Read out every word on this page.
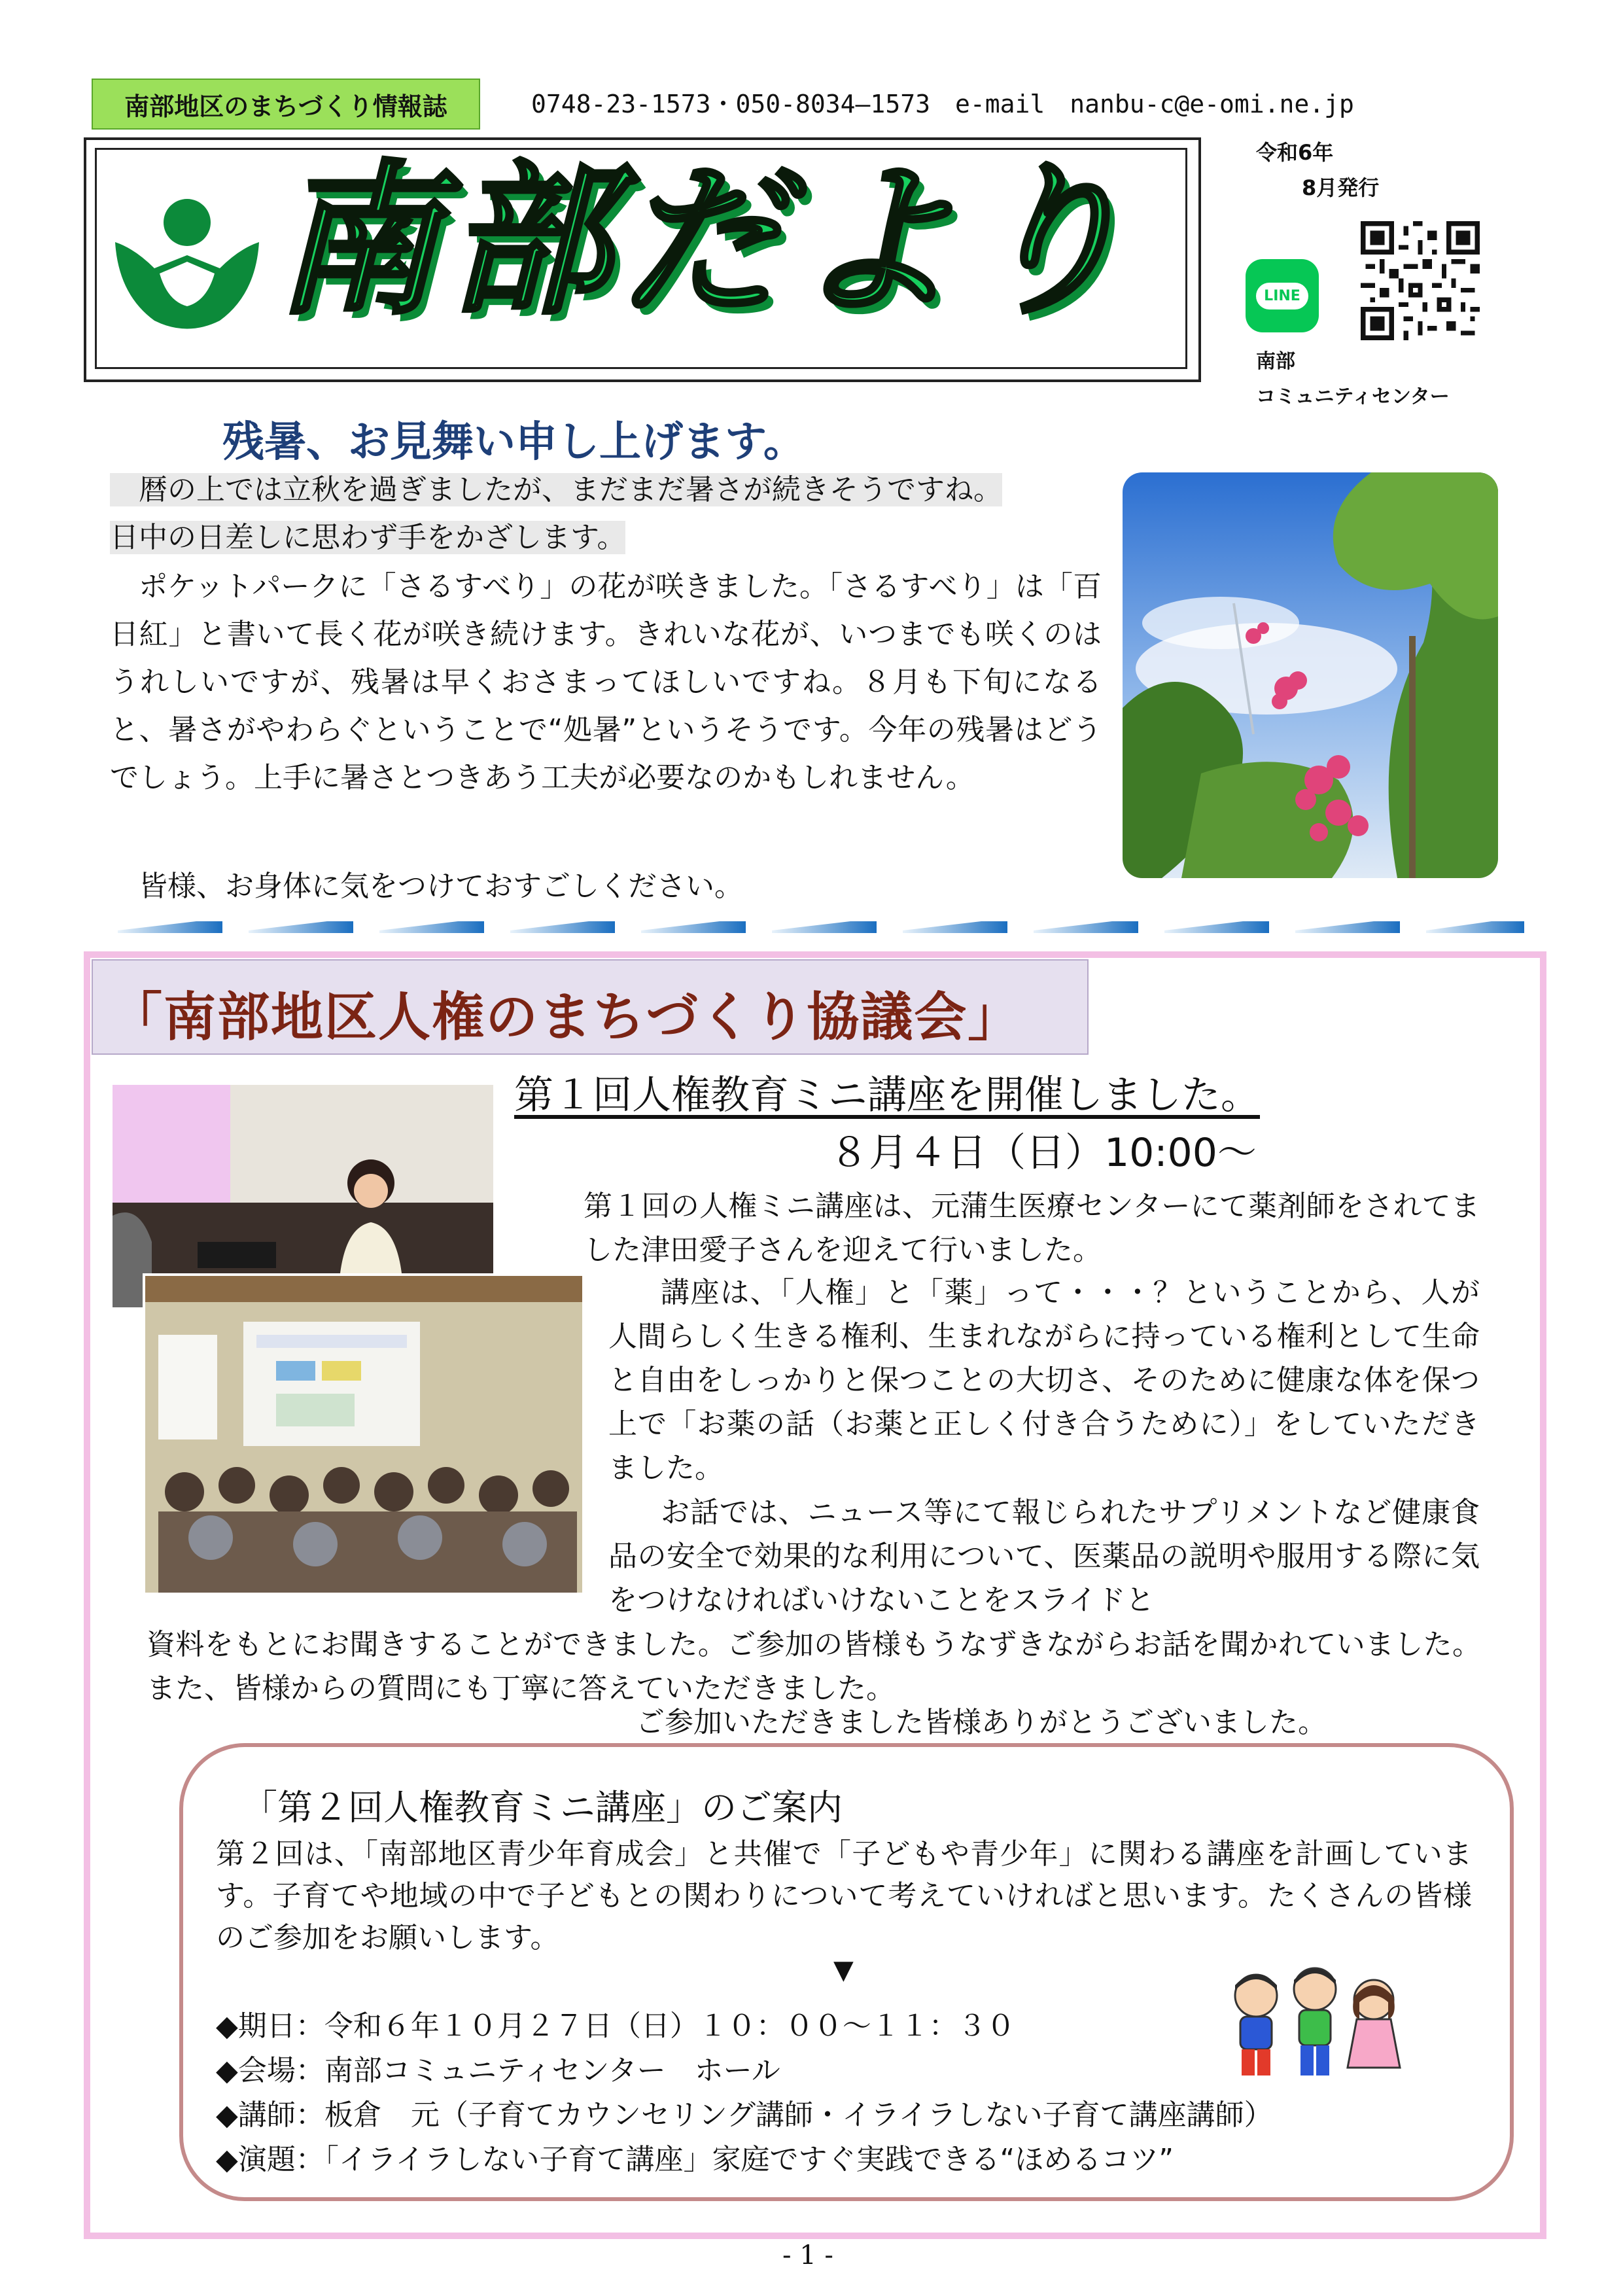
南部地区のまちづくり情報誌	0748-23-1573・050-8034―1573　e-mail　nanbu-c@e-omi.ne.jp
南部だより	令和6年
8月発行
LINE
南部
コミュニティセンター
残暑、お見舞い申し上げます。
暦の上では立秋を過ぎましたが、まだまだ暑さが続きそうですね。
日中の日差しに思わず手をかざします。
ポケットパークに「さるすべり」の花が咲きました。「さるすべり」は「百日紅」と書いて長く花が咲き続けます。きれいな花が、いつまでも咲くのはうれしいですが、残暑は早くおさまってほしいですね。８月も下旬になると、暑さがやわらぐということで“処暑”というそうです。今年の残暑はどうでしょう。上手に暑さとつきあう工夫が必要なのかもしれません。
皆様、お身体に気をつけておすごしください。
「南部地区人権のまちづくり協議会」
第１回人権教育ミニ講座を開催しました。
８月４日（日）10:00～
第１回の人権ミニ講座は、元蒲生医療センターにて薬剤師をされてました津田愛子さんを迎えて行いました。
講座は、「人権」と「薬」って・・・？ということから、人が人間らしく生きる権利、生まれながらに持っている権利として生命と自由をしっかりと保つことの大切さ、そのために健康な体を保つ上で「お薬の話（お薬と正しく付き合うために）」をしていただきました。
お話では、ニュース等にて報じられたサプリメントなど健康食品の安全で効果的な利用について、医薬品の説明や服用する際に気をつけなければいけないことをスライドと
資料をもとにお聞きすることができました。ご参加の皆様もうなずきながらお話を聞かれていました。また、皆様からの質問にも丁寧に答えていただきました。
ご参加いただきました皆様ありがとうございました。
「第２回人権教育ミニ講座」のご案内
第２回は、「南部地区青少年育成会」と共催で「子どもや青少年」に関わる講座を計画しています。子育てや地域の中で子どもとの関わりについて考えていければと思います。たくさんの皆様のご参加をお願いします。
▼
◆期日：令和６年１０月２７日（日）１０：００～１１：３０
◆会場：南部コミュニティセンター　ホール
◆講師：板倉　元（子育てカウンセリング講師・イライラしない子育て講座講師）
◆演題：「イライラしない子育て講座」家庭ですぐ実践できる“ほめるコツ”
- 1 -
